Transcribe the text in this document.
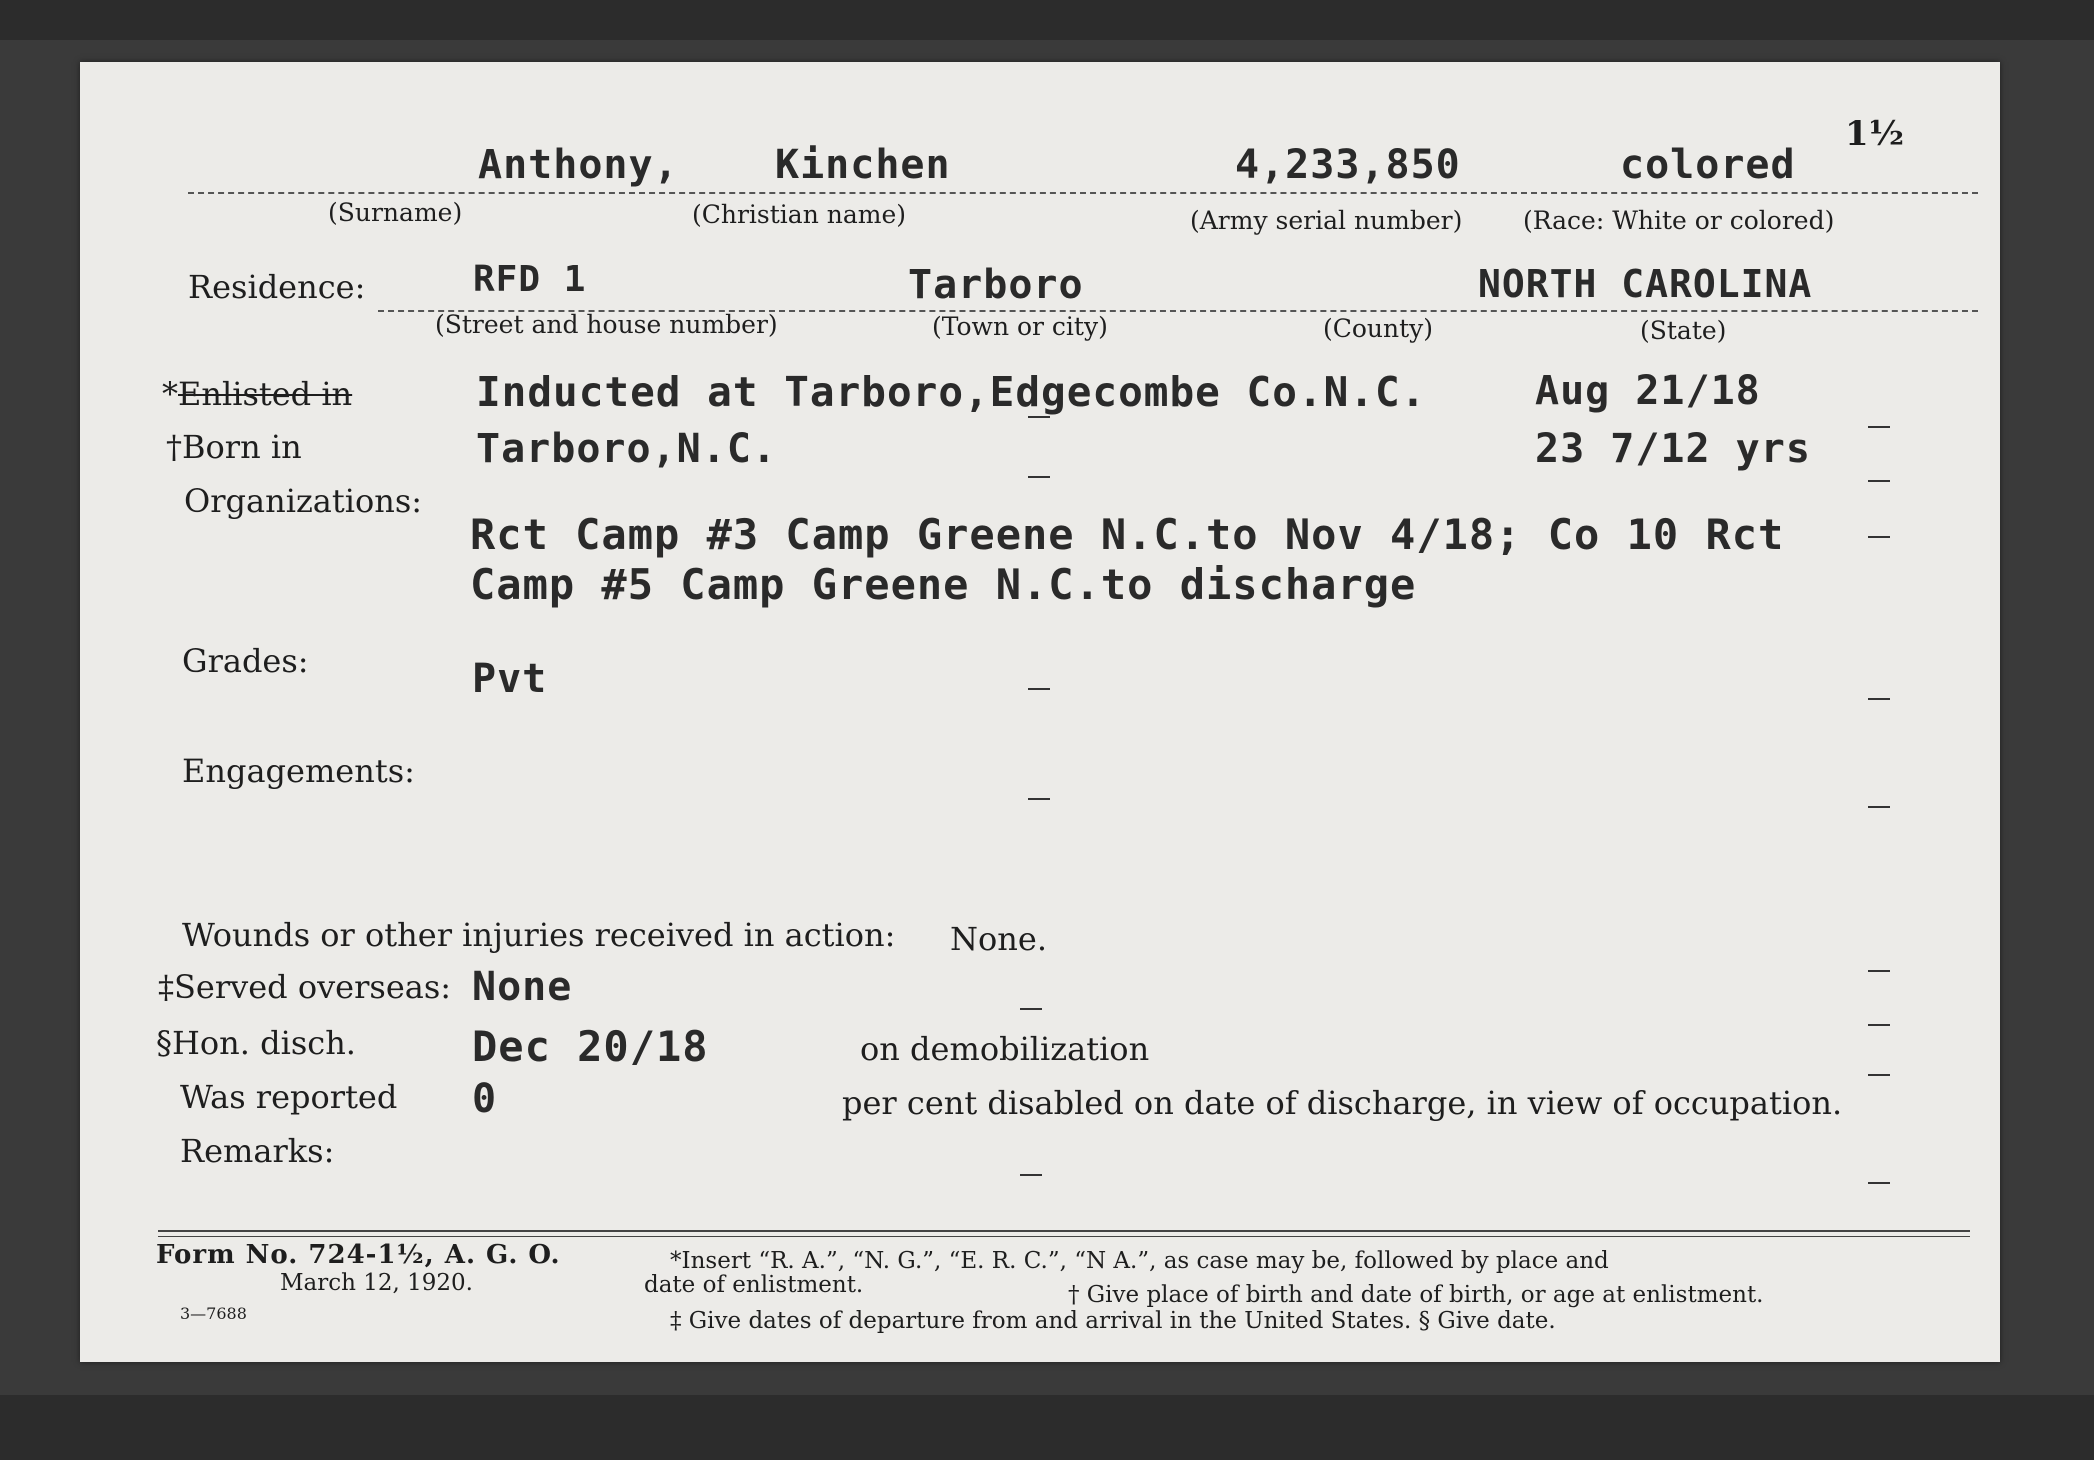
1½
Anthony, Kinchen	4,233,850	colored
(Surname)	(Christian name)	(Army serial number) (Race: White or colored)
Residence:	RFD 1	Tarboro	NORTH CAROLINA
(Street and house number)	(Town or city)	(County)	(State)
*Enlisted in	Inducted at Tarboro,Edgecombe Co.N.C.	Aug 21/18
†Born in	Tarboro,N.C.	23 7/12 yrs
Organizations:
Rct Camp #3 Camp Greene N.C.to Nov 4/18; Co 10 Rct
Camp #5 Camp Greene N.C.to discharge
Grades:	Pvt
Engagements:
Wounds or other injuries received in action: None.
‡Served overseas: None
§Hon. disch.	Dec 20/18	on demobilization
Was reported 0	per cent disabled on date of discharge, in view of occupation.
Remarks:
Form No. 724-1½, A. G. O.
March 12, 1920.
3—7688
*Insert “R. A.”, “N. G.”, “E. R. C.”, “N A.”, as case may be, followed by place and
date of enlistment.	† Give place of birth and date of birth, or age at enlistment.
‡ Give dates of departure from and arrival in the United States. § Give date.
